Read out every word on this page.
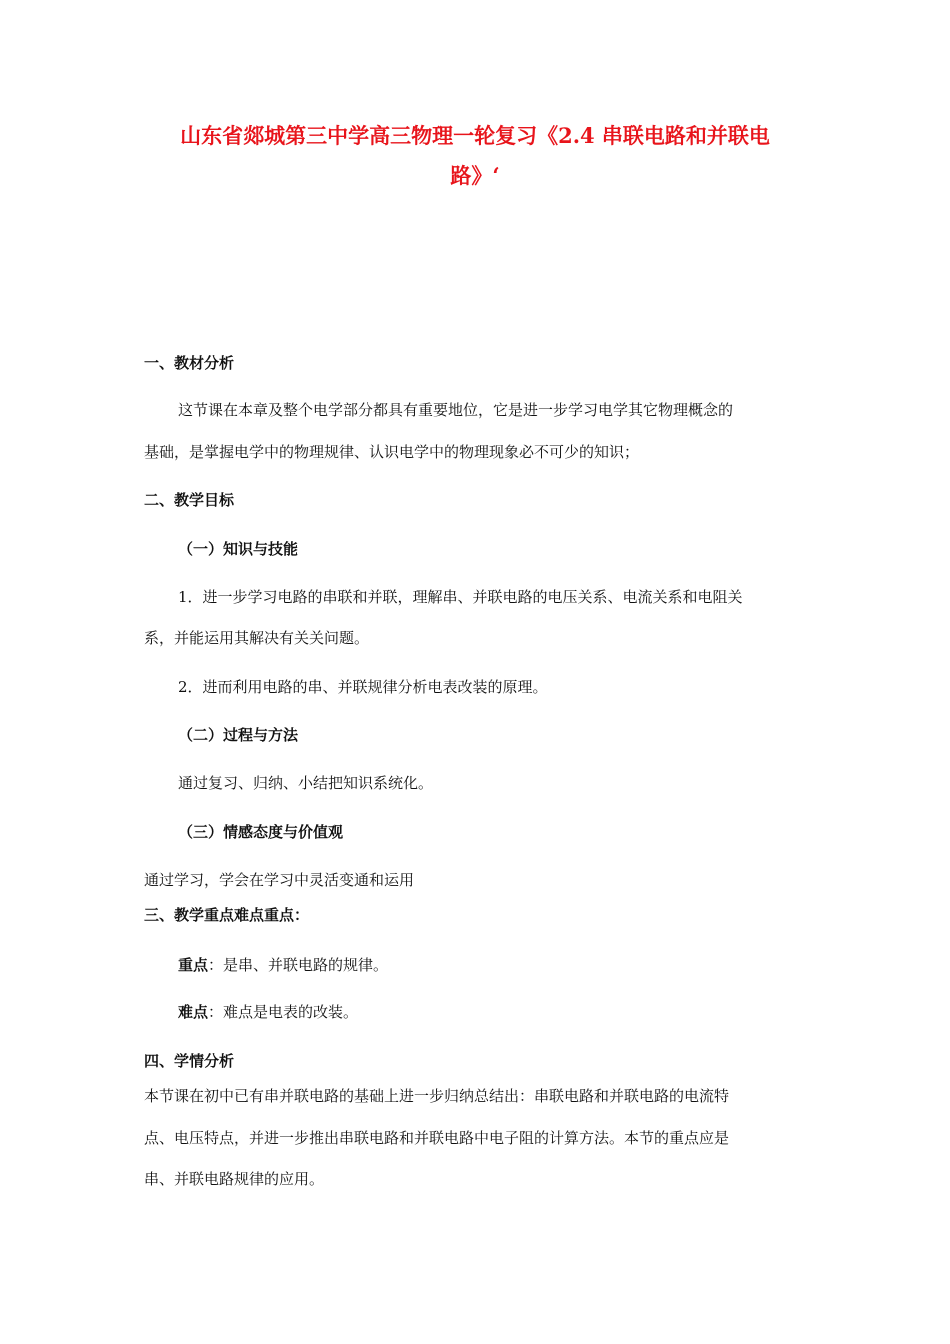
山东省郯城第三中学高三物理一轮复习《2.4 串联电路和并联电
路》‘
一、教材分析
这节课在本章及整个电学部分都具有重要地位，它是进一步学习电学其它物理概念的
基础，是掌握电学中的物理规律、认识电学中的物理现象必不可少的知识；
二、教学目标
（一）知识与技能
1．进一步学习电路的串联和并联，理解串、并联电路的电压关系、电流关系和电阻关
系，并能运用其解决有关关问题。
2．进而利用电路的串、并联规律分析电表改装的原理。
（二）过程与方法
通过复习、归纳、小结把知识系统化。
（三）情感态度与价值观
通过学习，学会在学习中灵活变通和运用
三、教学重点难点重点：
重点：是串、并联电路的规律。
难点：难点是电表的改装。
四、学情分析
本节课在初中已有串并联电路的基础上进一步归纳总结出：串联电路和并联电路的电流特
点、电压特点，并进一步推出串联电路和并联电路中电子阻的计算方法。本节的重点应是
串、并联电路规律的应用。
